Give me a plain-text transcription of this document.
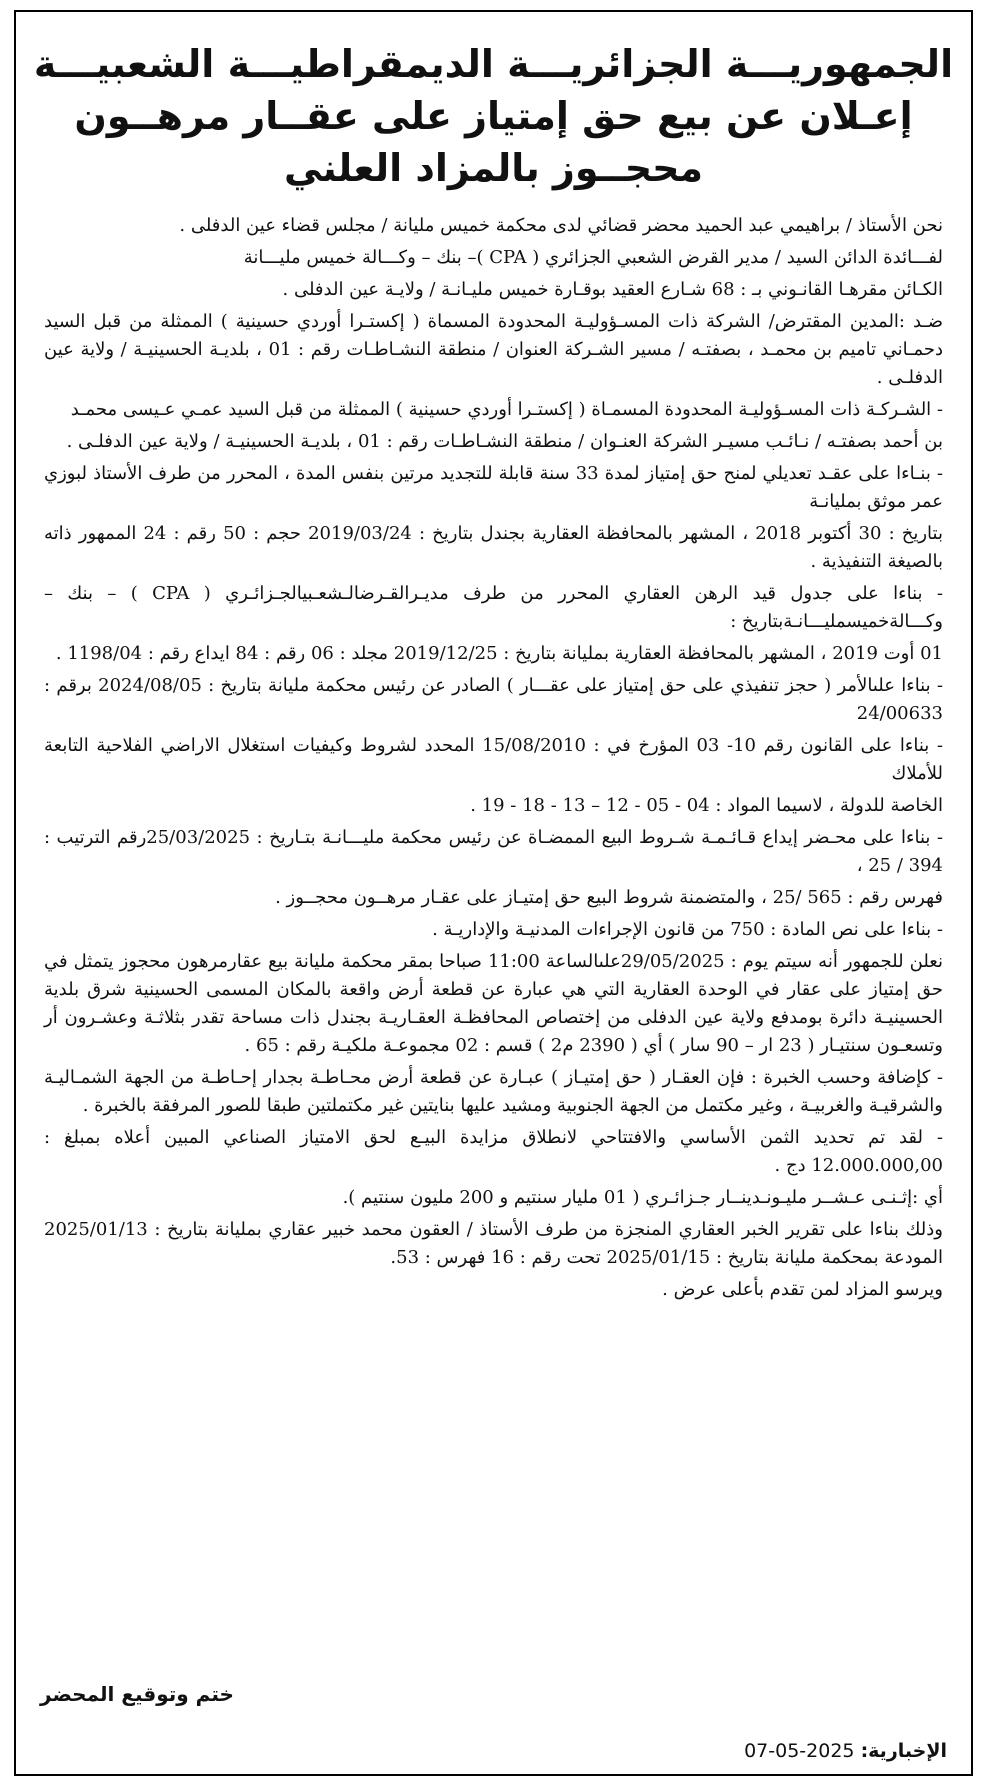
الجمهوريـــة الجزائريـــة الديمقراطيـــة الشعبيـــة
إعـلان عن بيع حق إمتياز على عقــار مرهــون
محجــوز بالمزاد العلني

نحن الأستاذ / براهيمي عبد الحميد محضر قضائي لدى محكمة خميس مليانة / مجلس قضاء عين الدفلى .

لفـــائدة الدائن السيد / مدير القرض الشعبي الجزائري ( CPA )– بنك – وكـــالة خميس مليـــانة

الكـائن مقرهـا القانـوني بـ : 68 شـارع العقيد بوقـارة خميس مليـانـة / ولايـة عين الدفلى .

ضـد :المدين المقترض/ الشركة ذات المسـؤوليـة المحدودة المسماة ( إكستـرا أوردي حسينية ) الممثلة من قبل السيد دحمـاني تاميم بن محمـد ، بصفتـه / مسير الشـركة العنوان / منطقة النشـاطـات رقم : 01 ، بلديـة الحسينيـة / ولاية عين الدفلـى .

- الشـركـة ذات المسـؤوليـة المحدودة المسمـاة ( إكستـرا أوردي حسينية ) الممثلة من قبل السيد عمـي عـيسى محمـد

بن أحمد بصفتـه / نـائـب مسيـر الشركة العنـوان / منطقة النشـاطـات رقم : 01 ، بلديـة الحسينيـة / ولاية عين الدفلـى .

- بنـاءا على عقـد تعديلي لمنح حق إمتياز لمدة 33 سنة قابلة للتجديد مرتين بنفس المدة ، المحرر من طرف الأستاذ لبوزي عمر موثق بمليانـة

بتاريخ : 30 أكتوبر 2018 ، المشهر بالمحافظة العقارية بجندل بتاريخ : 2019/03/24 حجم : 50 رقم : 24 الممهور ذاته بالصيغة التنفيذية .

- بناءا على جدول قيد الرهن العقاري المحرر من طرف مديـرالقـرضالـشعـبيالجـزائـري ( CPA ) – بنك – وكـــالةخميسمليـــانـةبتاريخ :

01 أوت 2019 ، المشهر بالمحافظة العقارية بمليانة بتاريخ : 2019/12/25 مجلد : 06 رقم : 84 ايداع رقم : 1198/04 .

- بناءا علىالأمر ( حجز تنفيذي على حق إمتياز على عقـــار ) الصادر عن رئيس محكمة مليانة بتاريخ : 2024/08/05 برقم : 24/00633

- بناءا على القانون رقم 10- 03 المؤرخ في : 15/08/2010 المحدد لشروط وكيفيات استغلال الاراضي الفلاحية التابعة للأملاك

الخاصة للدولة ، لاسيما المواد : 04 - 05 - 12 – 13 - 18 - 19 .

- بناءا على محـضر إيداع قـائـمـة شـروط البيع الممضـاة عن رئيس محكمة مليـــانـة بتـاريخ : 25/03/2025رقم الترتيب : 394 / 25 ،

فهرس رقم : 565 /25 ، والمتضمنة شروط البيع حق إمتيـاز على عقـار مرهــون محجــوز .

- بناءا على نص المادة : 750 من قانون الإجراءات المدنيـة والإداريـة .

نعلن للجمهور أنه سيتم يوم : 29/05/2025علىالساعة 11:00 صباحا بمقر محكمة مليانة بيع عقارمرهون محجوز يتمثل في حق إمتياز على عقار في الوحدة العقارية التي هي عبارة عن قطعة أرض واقعة بالمكان المسمى الحسينية شرق بلدية الحسينيـة دائرة بومدفع ولاية عين الدفلى من إختصاص المحافظـة العقـاريـة بجندل ذات مساحة تقدر بثلاثـة وعشـرون أر وتسعـون سنتيـار ( 23 ار – 90 سار ) أي ( 2390 م2 ) قسم : 02 مجموعـة ملكيـة رقم : 65 .

- كإضافة وحسب الخبرة : فإن العقـار ( حق إمتيـاز ) عبـارة عن قطعة أرض محـاطـة بجدار إحـاطـة من الجهة الشمـاليـة والشرقيـة والغربيـة ، وغير مكتمل من الجهة الجنوبية ومشيد عليها بنايتين غير مكتملتين طبقا للصور المرفقة بالخبرة .

- لقد تم تحديد الثمن الأساسي والافتتاحي لانطلاق مزايدة البيـع لحق الامتياز الصناعي المبين أعلاه بمبلغ : 12.000.000,00 دج .

أي :إثـنـى عـشــر مليـونـدينــار جـزائـري ( 01 مليار سنتيم و 200 مليون سنتيم ).

وذلك بناءا على تقرير الخبر العقاري المنجزة من طرف الأستاذ / العقون محمد خبير عقاري بمليانة بتاريخ : 2025/01/13 المودعة بمحكمة مليانة بتاريخ : 2025/01/15 تحت رقم : 16 فهرس : 53.

ويرسو المزاد لمن تقدم بأعلى عرض .

ختم وتوقيع المحضر
الإخبارية: 2025-05-07
